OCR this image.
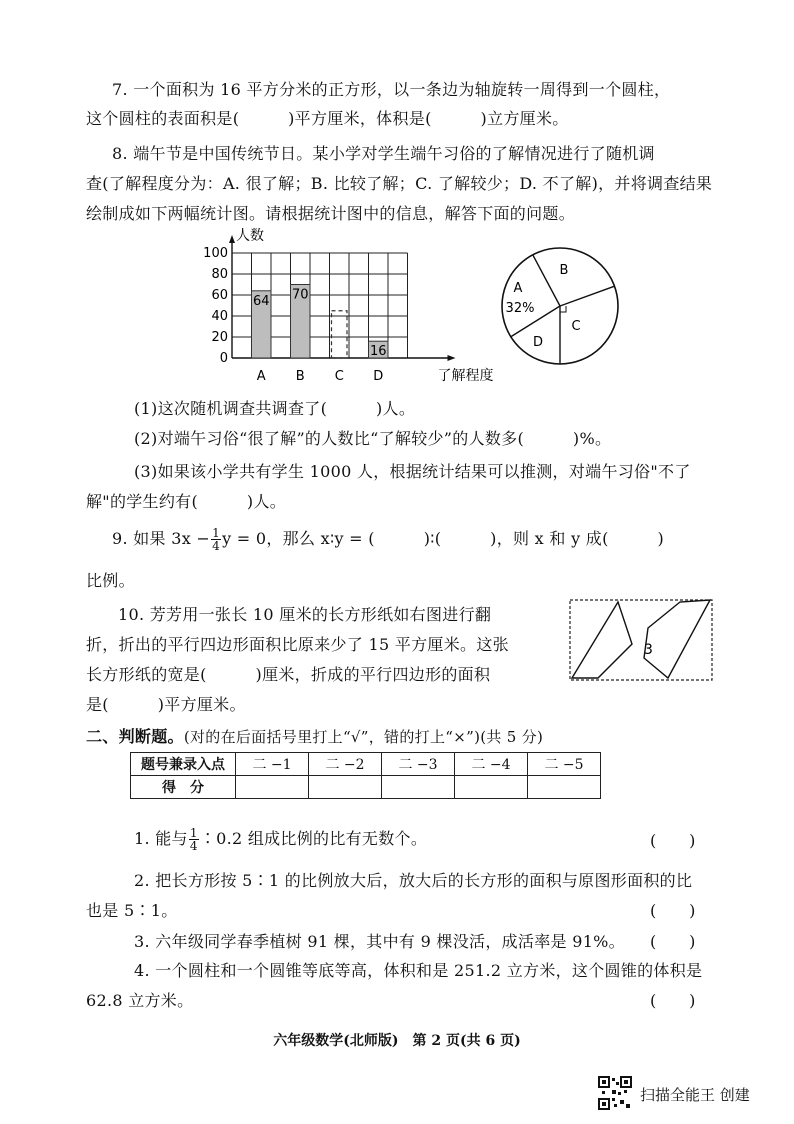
7. 一个面积为 16 平方分米的正方形，以一条边为轴旋转一周得到一个圆柱，
这个圆柱的表面积是(　　　)平方厘米，体积是(　　　)立方厘米。
8. 端午节是中国传统节日。某小学对学生端午习俗的了解情况进行了随机调
查(了解程度分为：A. 很了解；B. 比较了解；C. 了解较少；D. 不了解)，并将调查结果
绘制成如下两幅统计图。请根据统计图中的信息，解答下面的问题。
0
20
40
60
80
100
人数
了解程度
A
64
B
70
C D
16
A
32%
B
C
D
(1)这次随机调查共调查了(　　　)人。
(2)对端午习俗“很了解”的人数比“了解较少”的人数多(　　　)%。
(3)如果该小学共有学生 1000 人，根据统计结果可以推测，对端午习俗"不了
解"的学生约有(　　　)人。
9. 如果 $3x - \frac{1}{4}$ y = 0，那么 x∶y = (　　　)∶(　　　)，则 x 和 y 成(　　　)
比例。
10. 芳芳用一张长 10 厘米的长方形纸如右图进行翻
折，折出的平行四边形面积比原来少了 15 平方厘米。这张
长方形纸的宽是(　　　)厘米，折成的平行四边形的面积
是(　　　)平方厘米。
3
二、判断题。(对的在后面括号里打上“√”，错的打上“×”)(共 5 分)
题号兼录入点	二 −1	二 −2	二 −3	二 −4	二 −5
得　分					
1. 能与 $\frac{1}{4}$ ∶0.2 组成比例的比有无数个。	(　　)
2. 把长方形按 5∶1 的比例放大后，放大后的长方形的面积与原图形面积的比
也是 5∶1。	(　　)
3. 六年级同学春季植树 91 棵，其中有 9 棵没活，成活率是 91%。 (　　)
4. 一个圆柱和一个圆锥等底等高，体积和是 251.2 立方米，这个圆锥的体积是
62.8 立方米。	(　　)
六年级数学(北师版)　第 2 页(共 6 页)
扫描全能王 创建
